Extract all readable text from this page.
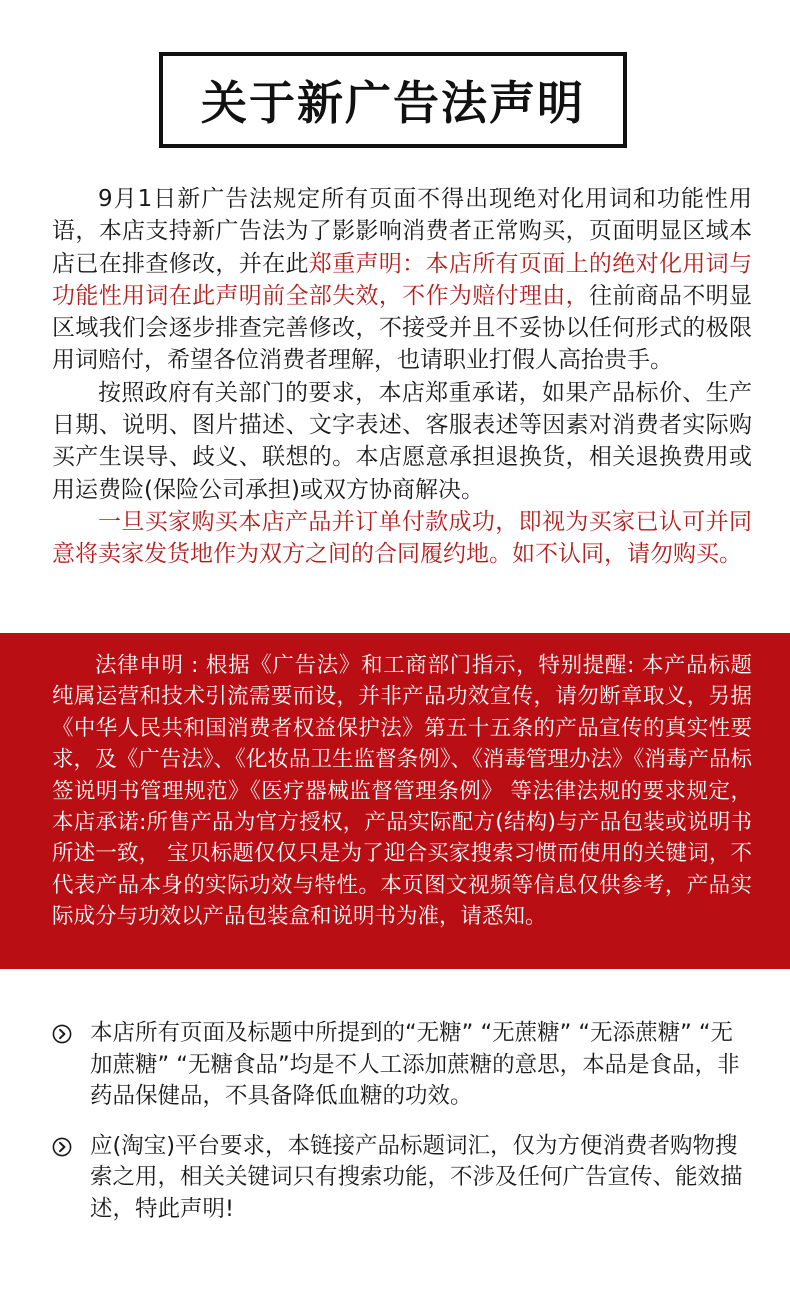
关于新广告法声明

9月1日新广告法规定所有页面不得出现绝对化用词和功能性用语，本店支持新广告法为了影影响消费者正常购买，页面明显区域本店已在排查修改，并在此郑重声明：本店所有页面上的绝对化用词与功能性用词在此声明前全部失效，不作为赔付理由，往前商品不明显区域我们会逐步排查完善修改，不接受并且不妥协以任何形式的极限用词赔付，希望各位消费者理解，也请职业打假人高抬贵手。

按照政府有关部门的要求，本店郑重承诺，如果产品标价、生产日期、说明、图片描述、文字表述、客服表述等因素对消费者实际购买产生误导、歧义、联想的。本店愿意承担退换货，相关退换费用或用运费险(保险公司承担)或双方协商解决。

一旦买家购买本店产品并订单付款成功，即视为买家已认可并同意将卖家发货地作为双方之间的合同履约地。如不认同，请勿购买。

法律申明 : 根据《广告法》和工商部门指示，特别提醒: 本产品标题纯属运营和技术引流需要而设，并非产品功效宣传，请勿断章取义，另据《中华人民共和国消费者权益保护法》第五十五条的产品宣传的真实性要求，及《广告法》、《化妆品卫生监督条例》、《消毒管理办法》《消毒产品标签说明书管理规范》《医疗器械监督管理条例》 等法律法规的要求规定，本店承诺:所售产品为官方授权，产品实际配方(结构)与产品包装或说明书所述一致， 宝贝标题仅仅只是为了迎合买家搜索习惯而使用的关键词，不代表产品本身的实际功效与特性。本页图文视频等信息仅供参考，产品实际成分与功效以产品包装盒和说明书为准，请悉知。

本店所有页面及标题中所提到的“无糖” “无蔗糖” “无添蔗糖” “无加蔗糖” “无糖食品”均是不人工添加蔗糖的意思，本品是食品，非药品保健品，不具备降低血糖的功效。

应(淘宝)平台要求，本链接产品标题词汇，仅为方便消费者购物搜索之用，相关关键词只有搜索功能，不涉及任何广告宣传、能效描述，特此声明!
